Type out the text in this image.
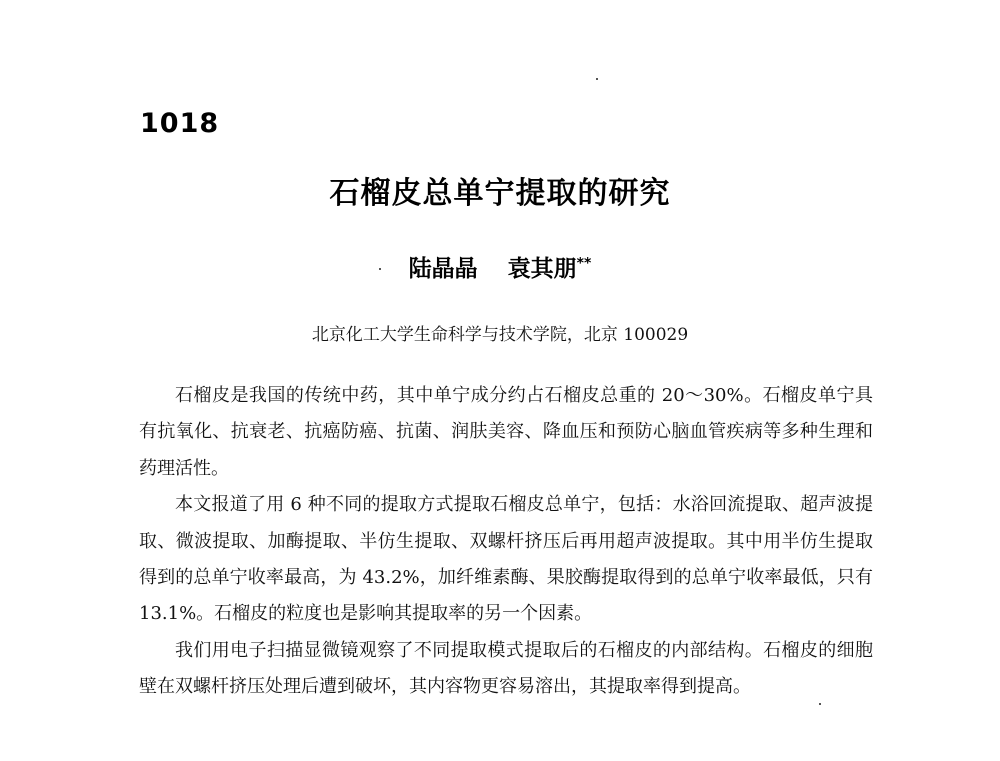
1018
石榴皮总单宁提取的研究
陆晶晶 袁其朋**
北京化工大学生命科学与技术学院，北京 100029

石榴皮是我国的传统中药，其中单宁成分约占石榴皮总重的 20～30%。石榴皮单宁具有抗氧化、抗衰老、抗癌防癌、抗菌、润肤美容、降血压和预防心脑血管疾病等多种生理和药理活性。

本文报道了用 6 种不同的提取方式提取石榴皮总单宁，包括：水浴回流提取、超声波提取、微波提取、加酶提取、半仿生提取、双螺杆挤压后再用超声波提取。其中用半仿生提取得到的总单宁收率最高，为 43.2%，加纤维素酶、果胶酶提取得到的总单宁收率最低，只有 13.1%。石榴皮的粒度也是影响其提取率的另一个因素。

我们用电子扫描显微镜观察了不同提取模式提取后的石榴皮的内部结构。石榴皮的细胞壁在双螺杆挤压处理后遭到破坏，其内容物更容易溶出，其提取率得到提高。
